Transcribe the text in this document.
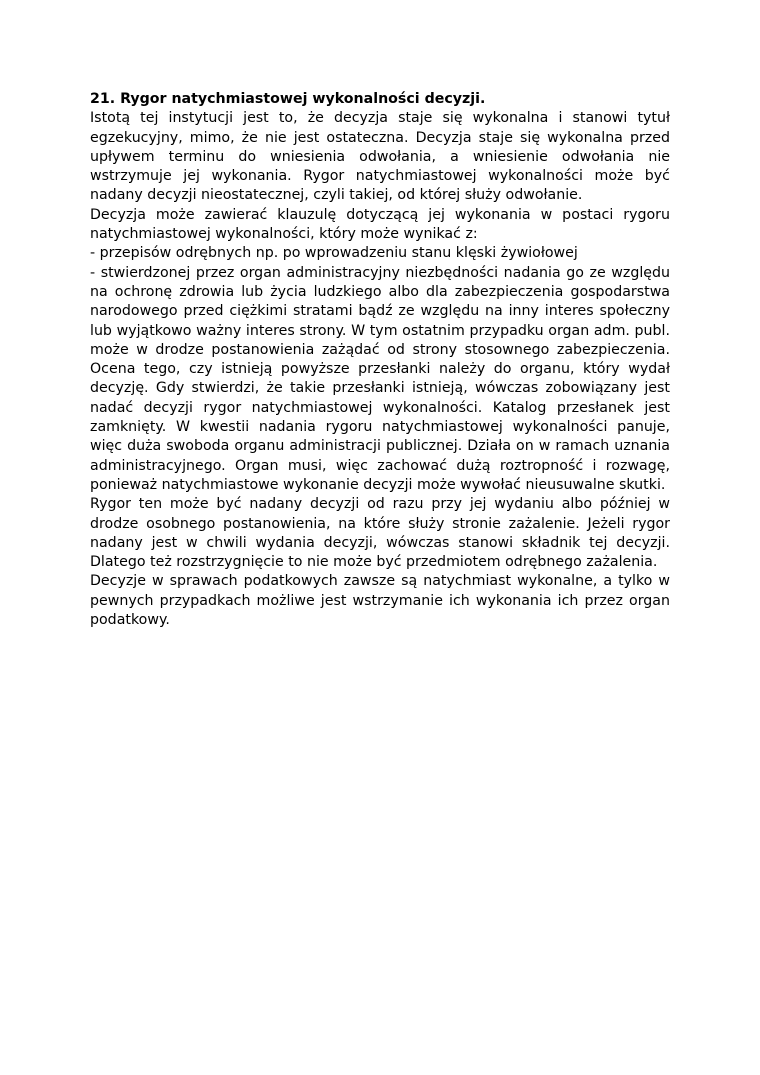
21. Rygor natychmiastowej wykonalności decyzji.

Istotą tej instytucji jest to, że decyzja staje się wykonalna i stanowi tytuł egzekucyjny, mimo, że nie jest ostateczna. Decyzja staje się wykonalna przed upływem terminu do wniesienia odwołania, a wniesienie odwołania nie wstrzymuje jej wykonania. Rygor natychmiastowej wykonalności może być nadany decyzji nieostatecznej, czyli takiej, od której służy odwołanie.

Decyzja może zawierać klauzulę dotyczącą jej wykonania w postaci rygoru natychmiastowej wykonalności, który może wynikać z:

- przepisów odrębnych np. po wprowadzeniu stanu klęski żywiołowej

- stwierdzonej przez organ administracyjny niezbędności nadania go ze względu na ochronę zdrowia lub życia ludzkiego albo dla zabezpieczenia gospodarstwa narodowego przed ciężkimi stratami bądź ze względu na inny interes społeczny lub wyjątkowo ważny interes strony. W tym ostatnim przypadku organ adm. publ. może w drodze postanowienia zażądać od strony stosownego zabezpieczenia. Ocena tego, czy istnieją powyższe przesłanki należy do organu, który wydał decyzję. Gdy stwierdzi, że takie przesłanki istnieją, wówczas zobowiązany jest nadać decyzji rygor natychmiastowej wykonalności. Katalog przesłanek jest zamknięty. W kwestii nadania rygoru natychmiastowej wykonalności panuje, więc duża swoboda organu administracji publicznej. Działa on w ramach uznania administracyjnego. Organ musi, więc zachować dużą roztropność i rozwagę, ponieważ natychmiastowe wykonanie decyzji może wywołać nieusuwalne skutki.

Rygor ten może być nadany decyzji od razu przy jej wydaniu albo później w drodze osobnego postanowienia, na które służy stronie zażalenie. Jeżeli rygor nadany jest w chwili wydania decyzji, wówczas stanowi składnik tej decyzji. Dlatego też rozstrzygnięcie to nie może być przedmiotem odrębnego zażalenia.

Decyzje w sprawach podatkowych zawsze są natychmiast wykonalne, a tylko w pewnych przypadkach możliwe jest wstrzymanie ich wykonania ich przez organ podatkowy.
